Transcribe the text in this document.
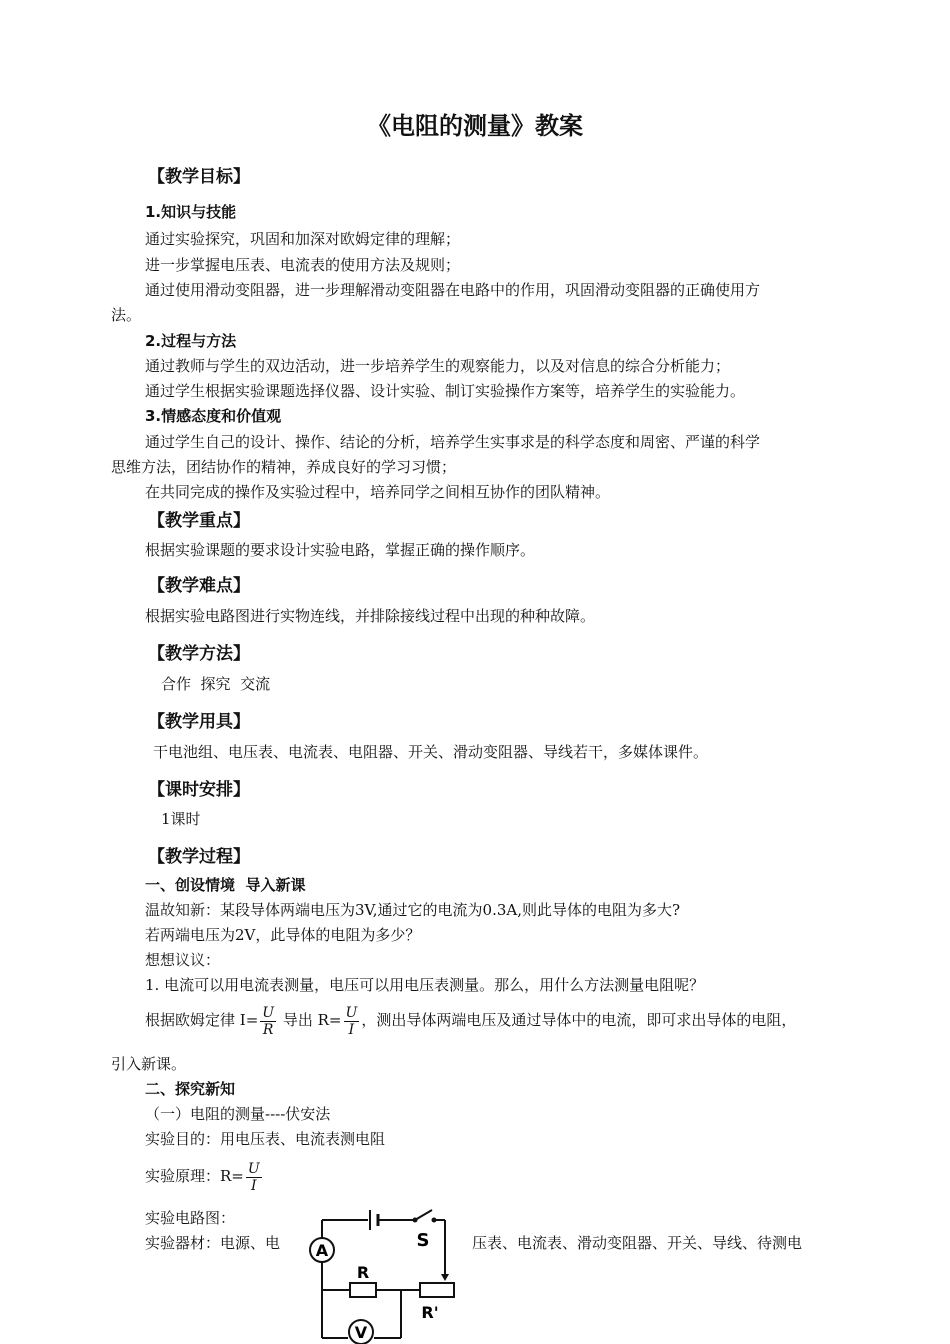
《电阻的测量》教案
【教学目标】
1.知识与技能
通过实验探究，巩固和加深对欧姆定律的理解；
进一步掌握电压表、电流表的使用方法及规则；
通过使用滑动变阻器，进一步理解滑动变阻器在电路中的作用，巩固滑动变阻器的正确使用方
法。
2.过程与方法
通过教师与学生的双边活动，进一步培养学生的观察能力，以及对信息的综合分析能力；
通过学生根据实验课题选择仪器、设计实验、制订实验操作方案等，培养学生的实验能力。
3.情感态度和价值观
通过学生自己的设计、操作、结论的分析，培养学生实事求是的科学态度和周密、严谨的科学
思维方法，团结协作的精神，养成良好的学习习惯；
在共同完成的操作及实验过程中，培养同学之间相互协作的团队精神。
【教学重点】
根据实验课题的要求设计实验电路，掌握正确的操作顺序。
【教学难点】
根据实验电路图进行实物连线，并排除接线过程中出现的种种故障。
【教学方法】
合作  探究  交流
【教学用具】
干电池组、电压表、电流表、电阻器、开关、滑动变阻器、导线若干，多媒体课件。
【课时安排】
1课时
【教学过程】
一、创设情境  导入新课
温故知新：某段导体两端电压为3V,通过它的电流为0.3A,则此导体的电阻为多大?
若两端电压为2V，此导体的电阻为多少？
想想议议：
1. 电流可以用电流表测量，电压可以用电压表测量。那么，用什么方法测量电阻呢？
根据欧姆定律 $I= \frac{U}{R}$ 导出 $R= \frac{U}{I}$ ，测出导体两端电压及通过导体中的电流，即可求出导体的电阻，
引入新课。
二、探究新知
（一）电阻的测量----伏安法
实验目的：用电压表、电流表测电阻
实验原理：$R= \frac{U}{I}$
实验电路图：
实验器材：电源、电	压表、电流表、滑动变阻器、开关、导线、待测电
A
V
S
R
R'
